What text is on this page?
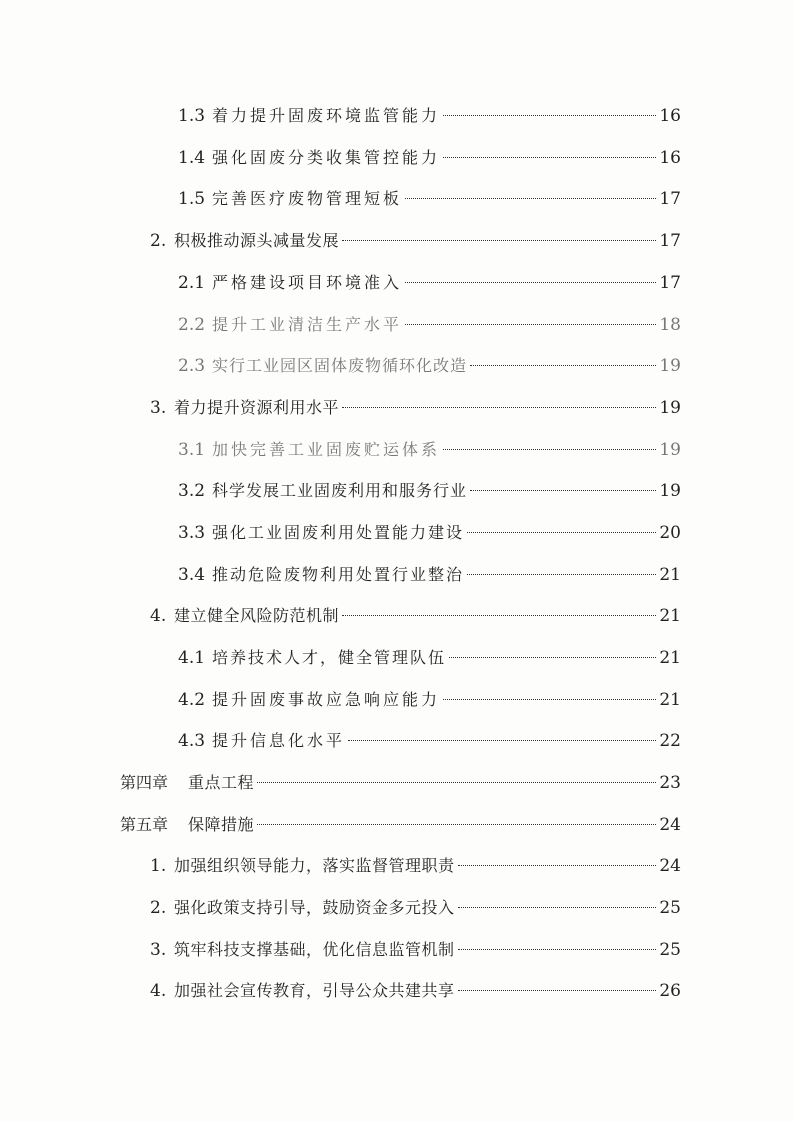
1.3 着力提升固废环境监管能力	16
1.4 强化固废分类收集管控能力	16
1.5 完善医疗废物管理短板	17
2. 积极推动源头减量发展	17
2.1 严格建设项目环境准入	17
2.2 提升工业清洁生产水平	18
2.3 实行工业园区固体废物循环化改造	19
3. 着力提升资源利用水平	19
3.1 加快完善工业固废贮运体系	19
3.2 科学发展工业固废利用和服务行业	19
3.3 强化工业固废利用处置能力建设	20
3.4 推动危险废物利用处置行业整治	21
4. 建立健全风险防范机制	21
4.1 培养技术人才，健全管理队伍	21
4.2 提升固废事故应急响应能力	21
4.3 提升信息化水平	22
第四章	重点工程	23
第五章	保障措施	24
1. 加强组织领导能力，落实监督管理职责	24
2. 强化政策支持引导，鼓励资金多元投入	25
3. 筑牢科技支撑基础，优化信息监管机制	25
4. 加强社会宣传教育，引导公众共建共享	26
